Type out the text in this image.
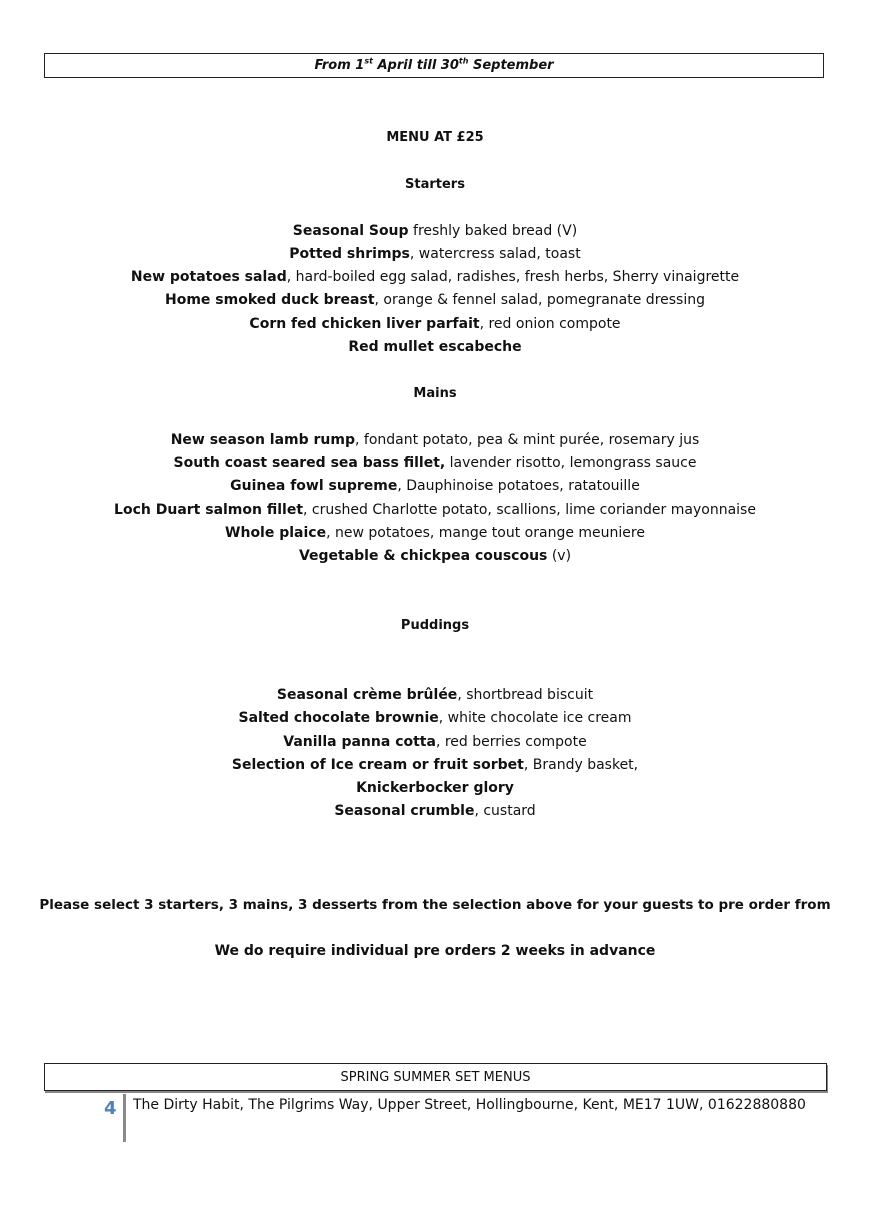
From 1st April till 30th September
MENU AT £25
Starters
Seasonal Soup freshly baked bread (V)
Potted shrimps, watercress salad, toast
New potatoes salad, hard-boiled egg salad, radishes, fresh herbs, Sherry vinaigrette
Home smoked duck breast, orange & fennel salad, pomegranate dressing
Corn fed chicken liver parfait, red onion compote
Red mullet escabeche
Mains
New season lamb rump, fondant potato, pea & mint purée, rosemary jus
South coast seared sea bass fillet, lavender risotto, lemongrass sauce
Guinea fowl supreme, Dauphinoise potatoes, ratatouille
Loch Duart salmon fillet, crushed Charlotte potato, scallions, lime coriander mayonnaise
Whole plaice, new potatoes, mange tout orange meuniere
Vegetable & chickpea couscous (v)
Puddings
Seasonal crème brûlée, shortbread biscuit
Salted chocolate brownie, white chocolate ice cream
Vanilla panna cotta, red berries compote
Selection of Ice cream or fruit sorbet, Brandy basket,
Knickerbocker glory
Seasonal crumble, custard
Please select 3 starters, 3 mains, 3 desserts from the selection above for your guests to pre order from
We do require individual pre orders 2 weeks in advance
SPRING SUMMER SET MENUS
4 The Dirty Habit, The Pilgrims Way, Upper Street, Hollingbourne, Kent, ME17 1UW, 01622880880
